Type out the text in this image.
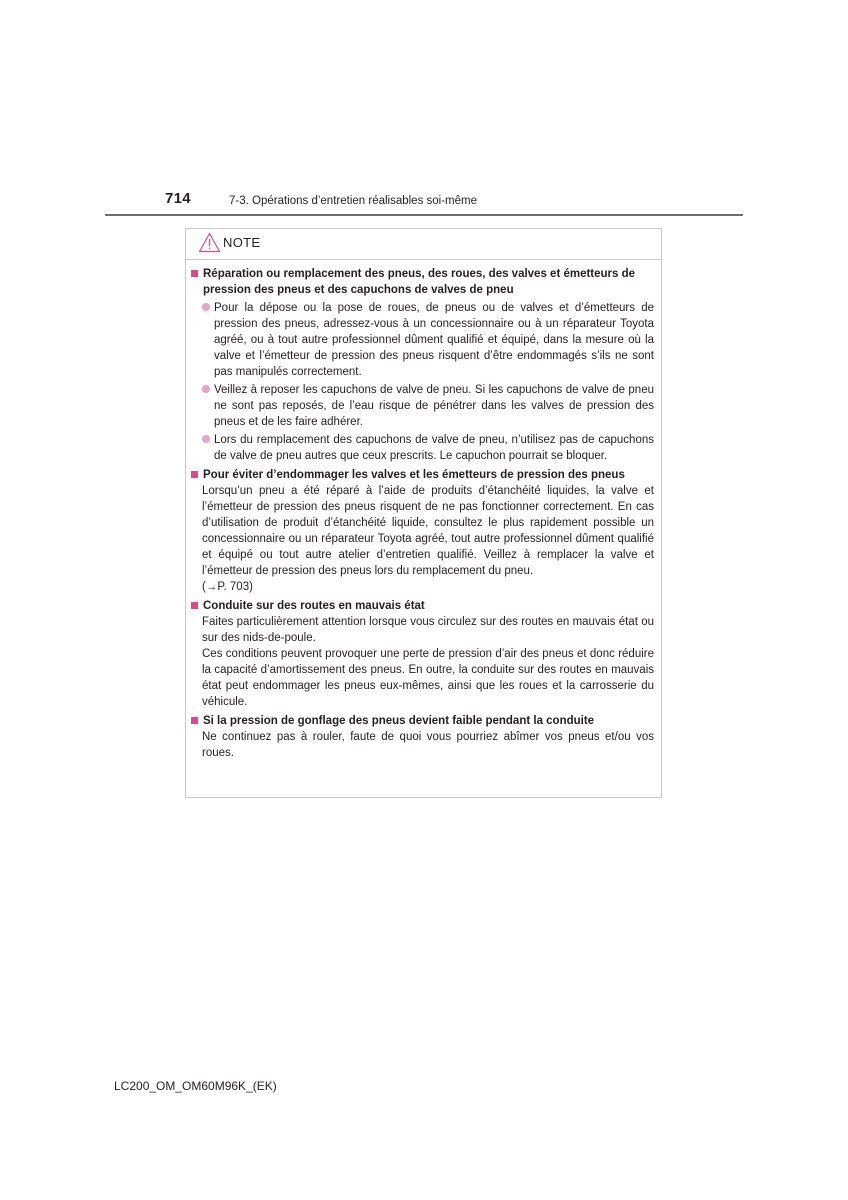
714	7-3. Opérations d’entretien réalisables soi-même
NOTE
Réparation ou remplacement des pneus, des roues, des valves et émetteurs de pression des pneus et des capuchons de valves de pneu
Pour la dépose ou la pose de roues, de pneus ou de valves et d’émetteurs de pression des pneus, adressez-vous à un concessionnaire ou à un réparateur Toyota agréé, ou à tout autre professionnel dûment qualifié et équipé, dans la mesure où la valve et l’émetteur de pression des pneus risquent d’être endommagés s’ils ne sont pas manipulés correctement.
Veillez à reposer les capuchons de valve de pneu. Si les capuchons de valve de pneu ne sont pas reposés, de l’eau risque de pénétrer dans les valves de pression des pneus et de les faire adhérer.
Lors du remplacement des capuchons de valve de pneu, n’utilisez pas de capuchons de valve de pneu autres que ceux prescrits. Le capuchon pourrait se bloquer.
Pour éviter d’endommager les valves et les émetteurs de pression des pneus

Lorsqu’un pneu a été réparé à l’aide de produits d’étanchéité liquides, la valve et l’émetteur de pression des pneus risquent de ne pas fonctionner correctement. En cas d’utilisation de produit d’étanchéité liquide, consultez le plus rapidement possible un concessionnaire ou un réparateur Toyota agréé, tout autre professionnel dûment qualifié et équipé ou tout autre atelier d’entretien qualifié. Veillez à remplacer la valve et l’émetteur de pression des pneus lors du remplacement du pneu.

(→P. 703)

Conduite sur des routes en mauvais état

Faites particulièrement attention lorsque vous circulez sur des routes en mauvais état ou sur des nids-de-poule.

Ces conditions peuvent provoquer une perte de pression d’air des pneus et donc réduire la capacité d’amortissement des pneus. En outre, la conduite sur des routes en mauvais état peut endommager les pneus eux-mêmes, ainsi que les roues et la carrosserie du véhicule.

Si la pression de gonflage des pneus devient faible pendant la conduite

Ne continuez pas à rouler, faute de quoi vous pourriez abîmer vos pneus et/ou vos roues.

LC200_OM_OM60M96K_(EK)
